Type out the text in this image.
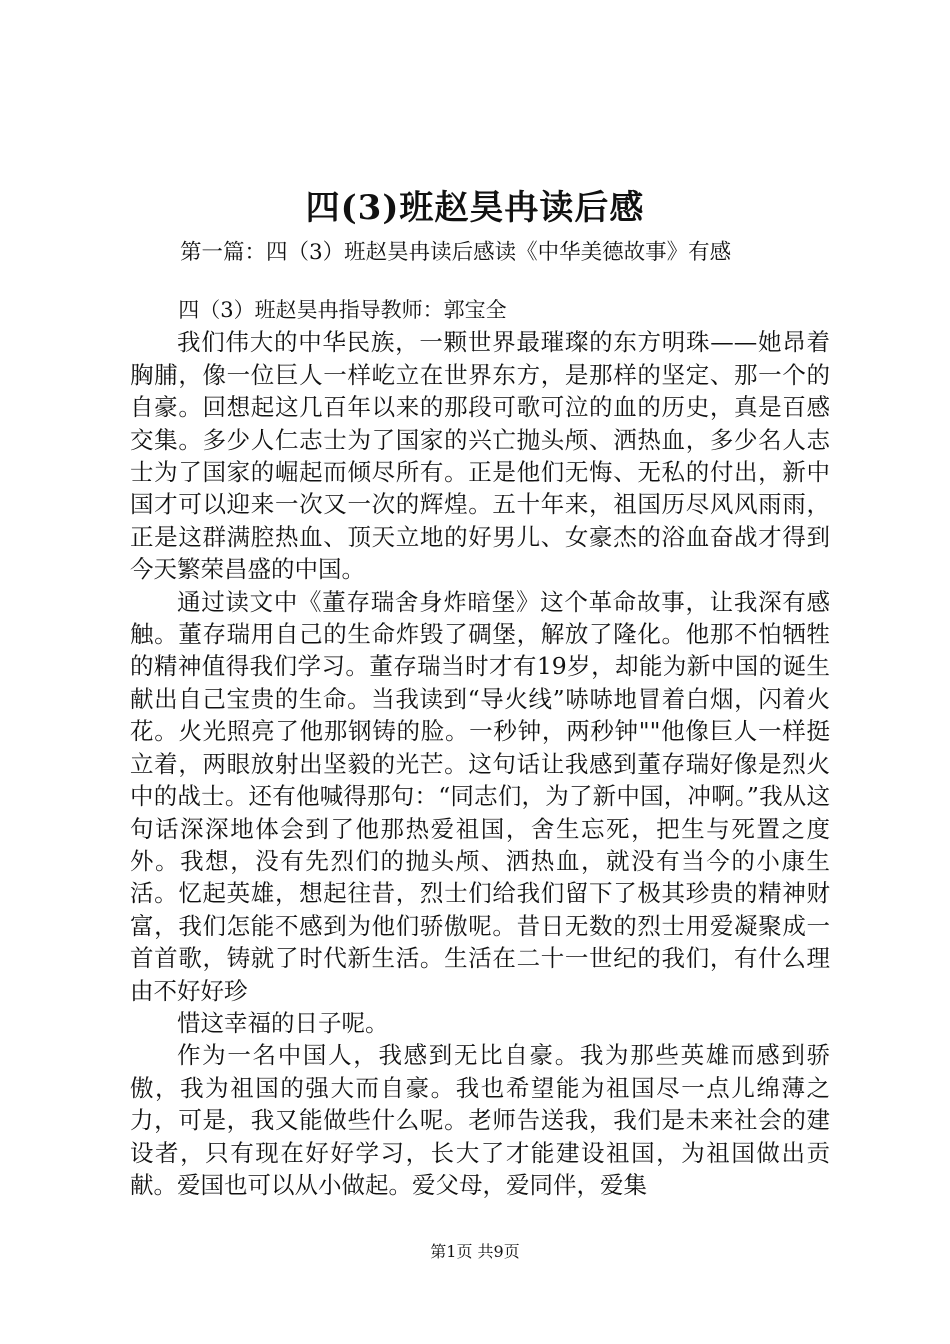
四(3)班赵昊冉读后感
第一篇：四（3）班赵昊冉读后感读《中华美德故事》有感

四（3）班赵昊冉指导教师：郭宝全

我们伟大的中华民族，一颗世界最璀璨的东方明珠——她昂着胸脯，像一位巨人一样屹立在世界东方，是那样的坚定、那一个的自豪。回想起这几百年以来的那段可歌可泣的血的历史，真是百感交集。多少人仁志士为了国家的兴亡抛头颅、洒热血，多少名人志士为了国家的崛起而倾尽所有。正是他们无悔、无私的付出，新中国才可以迎来一次又一次的辉煌。五十年来，祖国历尽风风雨雨，正是这群满腔热血、顶天立地的好男儿、女豪杰的浴血奋战才得到今天繁荣昌盛的中国。

通过读文中《董存瑞舍身炸暗堡》这个革命故事，让我深有感触。董存瑞用自己的生命炸毁了碉堡，解放了隆化。他那不怕牺牲的精神值得我们学习。董存瑞当时才有19岁，却能为新中国的诞生献出自己宝贵的生命。当我读到“导火线”哧哧地冒着白烟，闪着火花。火光照亮了他那钢铸的脸。一秒钟，两秒钟""他像巨人一样挺立着，两眼放射出坚毅的光芒。这句话让我感到董存瑞好像是烈火中的战士。还有他喊得那句：“同志们，为了新中国，冲啊。”我从这句话深深地体会到了他那热爱祖国，舍生忘死，把生与死置之度外。我想，没有先烈们的抛头颅、洒热血，就没有当今的小康生活。忆起英雄，想起往昔，烈士们给我们留下了极其珍贵的精神财富，我们怎能不感到为他们骄傲呢。昔日无数的烈士用爱凝聚成一首首歌，铸就了时代新生活。生活在二十一世纪的我们，有什么理由不好好珍

惜这幸福的日子呢。

作为一名中国人，我感到无比自豪。我为那些英雄而感到骄傲，我为祖国的强大而自豪。我也希望能为祖国尽一点儿绵薄之力，可是，我又能做些什么呢。老师告送我，我们是未来社会的建设者，只有现在好好学习，长大了才能建设祖国，为祖国做出贡献。爱国也可以从小做起。爱父母，爱同伴，爱集

第1页 共9页
